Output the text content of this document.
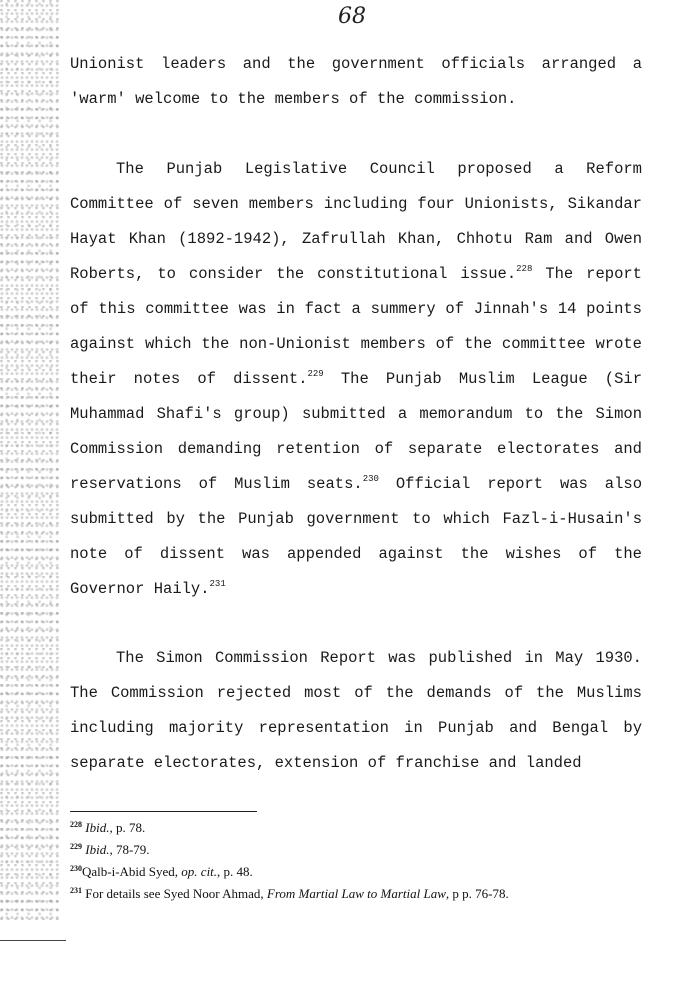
68

Unionist leaders and the government officials arranged a 'warm' welcome to the members of the commission.

The Punjab Legislative Council proposed a Reform Committee of seven members including four Unionists, Sikandar Hayat Khan (1892-1942), Zafrullah Khan, Chhotu Ram and Owen Roberts, to consider the constitutional issue.$^{228}$ The report of this committee was in fact a summery of Jinnah's 14 points against which the non-Unionist members of the committee wrote their notes of dissent.$^{229}$ The Punjab Muslim League (Sir Muhammad Shafi's group) submitted a memorandum to the Simon Commission demanding retention of separate electorates and reservations of Muslim seats.$^{230}$ Official report was also submitted by the Punjab government to which Fazl-i-Husain's note of dissent was appended against the wishes of the Governor Haily.$^{231}$

The Simon Commission Report was published in May 1930. The Commission rejected most of the demands of the Muslims including majority representation in Punjab and Bengal by separate electorates, extension of franchise and landed

$^{228}$ Ibid., p. 78.
$^{229}$ Ibid., 78-79.
$^{230}$Qalb-i-Abid Syed, op. cit., p. 48.
$^{231}$ For details see Syed Noor Ahmad, From Martial Law to Martial Law, p p. 76-78.
